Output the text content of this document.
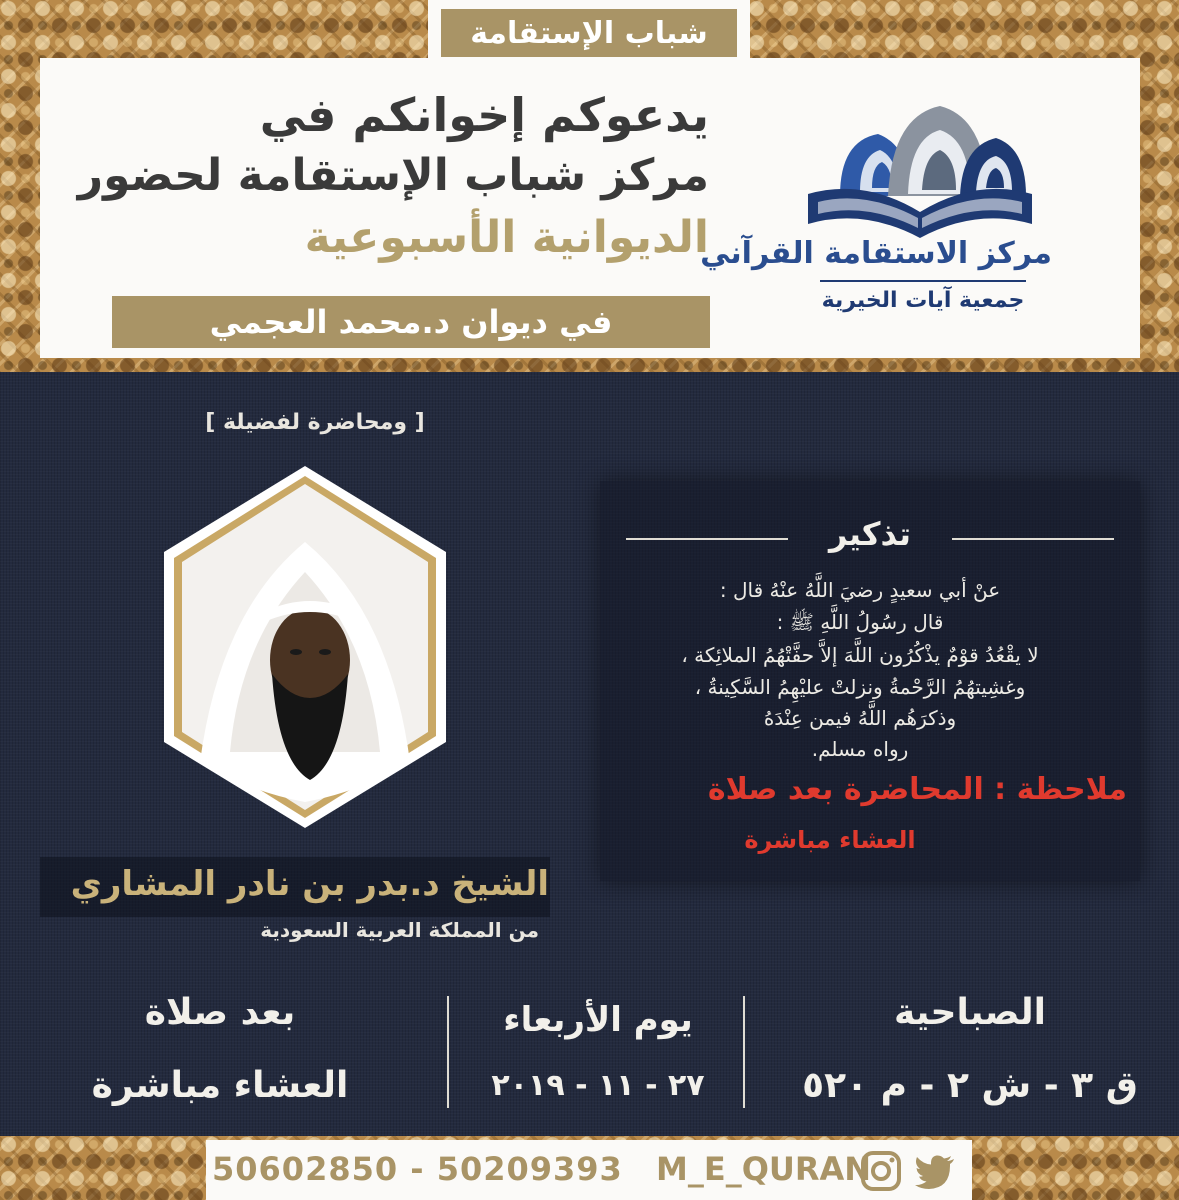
شباب الإستقامة
يدعوكم إخوانكم في
مركز شباب الإستقامة لحضور
الديوانية الأسبوعية
في ديوان د.محمد العجمي
مركز الاستقامة القرآني
جمعية آيات الخيرية
[ ومحاضرة لفضيلة ]
الشيخ د.بدر بن نادر المشاري
من المملكة العربية السعودية
تذكير
عنْ أبي سعيدٍ رضيَ اللَّهُ عنْهُ قال :
قال رسُولُ اللَّهِ ﷺ :
لا يقْعُدُ قوْمٌ يذْكُرُون اللَّهَ إلاَّ حفَّتْهُمُ الملائِكة ،
وغشِيتهُمُ الرَّحْمةُ ونزلتْ عليْهِمُ السَّكِينةُ ،
وذكرَهُم اللَّهُ فيمن عِنْدَهُ
رواه مسلم.
ملاحظة : المحاضرة بعد صلاة
العشاء مباشرة
الصباحية
ق ٣ - ش ٢ - م ٥٢٠
يوم الأربعاء
٢٧ - ١١ - ٢٠١٩
بعد صلاة
العشاء مباشرة
50602850 - 50209393 M_E_QURAN
